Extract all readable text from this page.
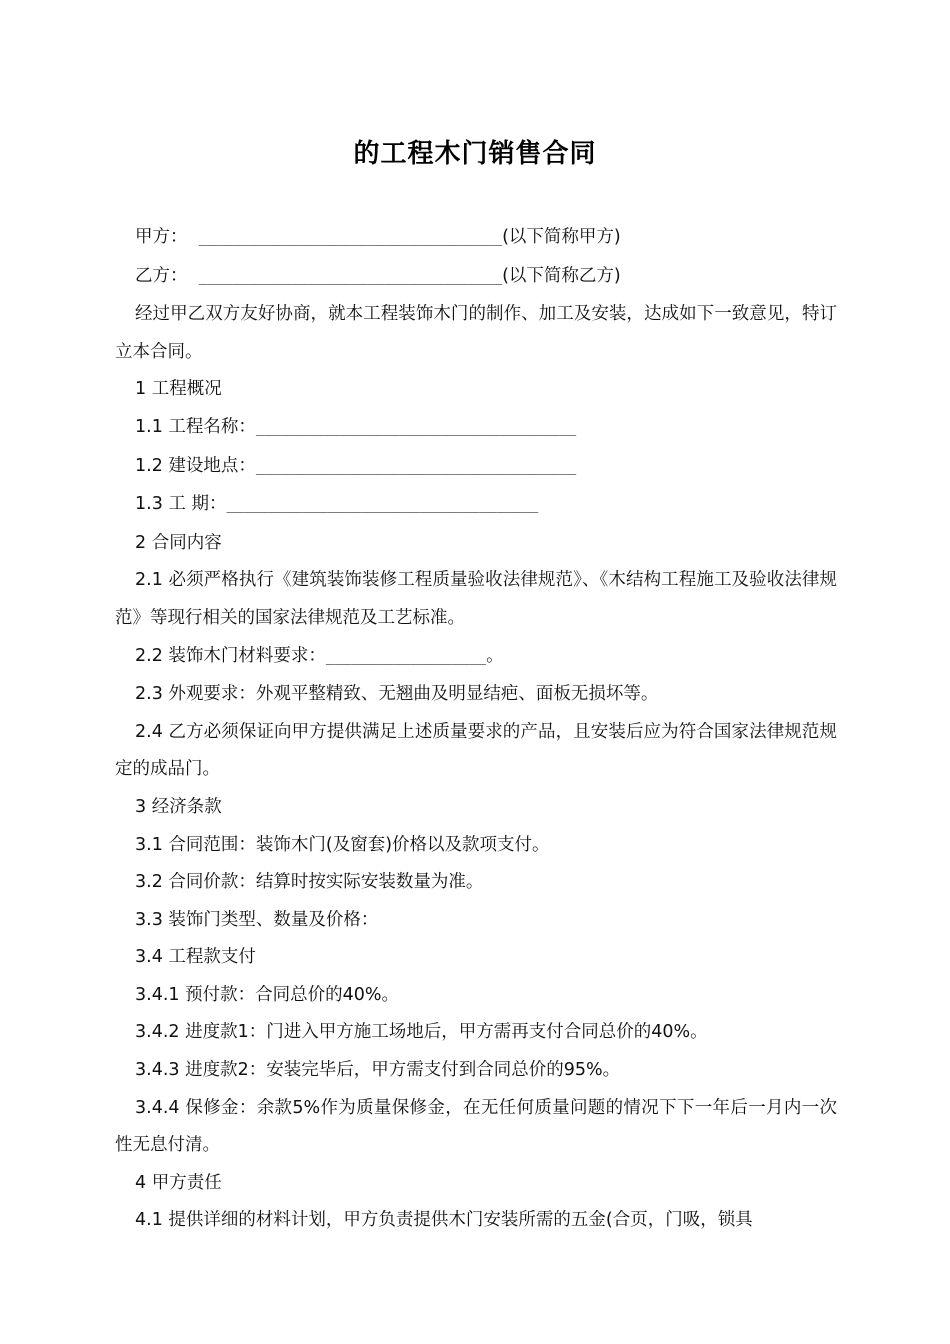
的工程木门销售合同

甲方： ____________________________________(以下简称甲方)

乙方： ____________________________________(以下简称乙方)

经过甲乙双方友好协商，就本工程装饰木门的制作、加工及安装，达成如下一致意见，特订立本合同。

1 工程概况

1.1 工程名称：______________________________________

1.2 建设地点：______________________________________

1.3 工 期：_____________________________________

2 合同内容

2.1 必须严格执行《建筑装饰装修工程质量验收法律规范》、《木结构工程施工及验收法律规范》等现行相关的国家法律规范及工艺标准。

2.2 装饰木门材料要求：___________________。

2.3 外观要求：外观平整精致、无翘曲及明显结疤、面板无损坏等。

2.4 乙方必须保证向甲方提供满足上述质量要求的产品，且安装后应为符合国家法律规范规定的成品门。

3 经济条款

3.1 合同范围：装饰木门(及窗套)价格以及款项支付。

3.2 合同价款：结算时按实际安装数量为准。

3.3 装饰门类型、数量及价格：

3.4 工程款支付

3.4.1 预付款：合同总价的40%。

3.4.2 进度款1：门进入甲方施工场地后，甲方需再支付合同总价的40%。

3.4.3 进度款2：安装完毕后，甲方需支付到合同总价的95%。

3.4.4 保修金：余款5%作为质量保修金，在无任何质量问题的情况下下一年后一月内一次性无息付清。

4 甲方责任

4.1 提供详细的材料计划，甲方负责提供木门安装所需的五金(合页，门吸，锁具
